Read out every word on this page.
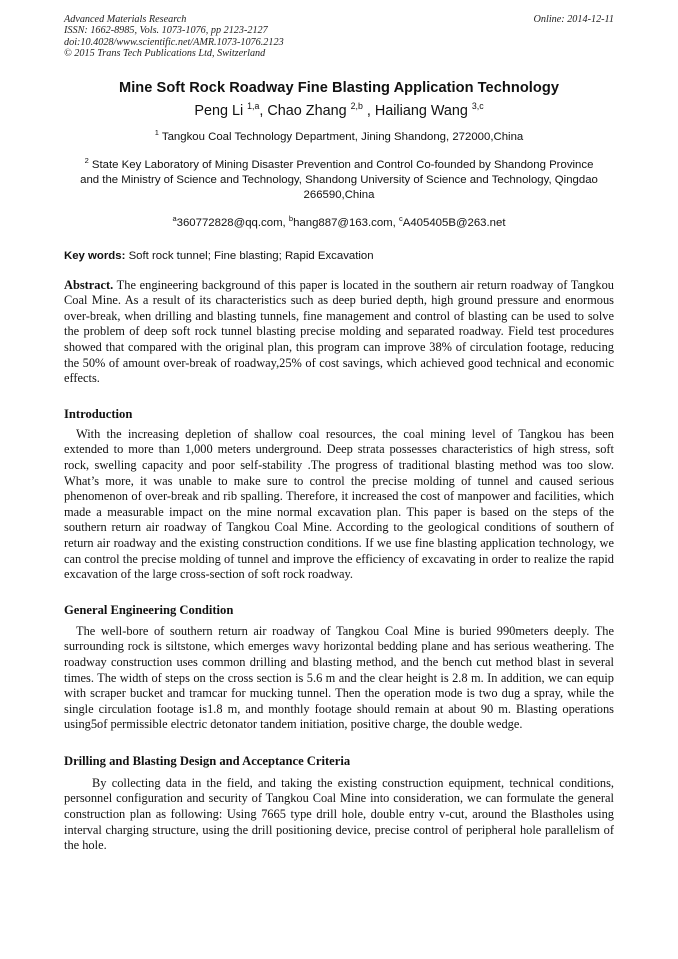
Advanced Materials Research	Online: 2014-12-11
ISSN: 1662-8985, Vols. 1073-1076, pp 2123-2127
doi:10.4028/www.scientific.net/AMR.1073-1076.2123
© 2015 Trans Tech Publications Ltd, Switzerland
Mine Soft Rock Roadway Fine Blasting Application Technology
Peng Li $^{1,a}$, Chao Zhang $^{2,b}$ , Hailiang Wang $^{3,c}$
$^1$ Tangkou Coal Technology Department, Jining Shandong, 272000,China
$^2$ State Key Laboratory of Mining Disaster Prevention and Control Co-founded by Shandong Province and the Ministry of Science and Technology, Shandong University of Science and Technology, Qingdao 266590,China
$^a$360772828@qq.com, $^b$hang887@163.com, $^c$A405405B@263.net
Key words: Soft rock tunnel; Fine blasting; Rapid Excavation

Abstract. The engineering background of this paper is located in the southern air return roadway of Tangkou Coal Mine. As a result of its characteristics such as deep buried depth, high ground pressure and enormous over-break, when drilling and blasting tunnels, fine management and control of blasting can be used to solve the problem of deep soft rock tunnel blasting precise molding and separated roadway. Field test procedures showed that compared with the original plan, this program can improve 38% of circulation footage, reducing the 50% of amount over-break of roadway,25% of cost savings, which achieved good technical and economic effects.

Introduction

With the increasing depletion of shallow coal resources, the coal mining level of Tangkou has been extended to more than 1,000 meters underground. Deep strata possesses characteristics of high stress, soft rock, swelling capacity and poor self-stability .The progress of traditional blasting method was too slow. What’s more, it was unable to make sure to control the precise molding of tunnel and caused serious phenomenon of over-break and rib spalling. Therefore, it increased the cost of manpower and facilities, which made a measurable impact on the mine normal excavation plan. This paper is based on the steps of the southern return air roadway of Tangkou Coal Mine. According to the geological conditions of southern of return air roadway and the existing construction conditions. If we use fine blasting application technology, we can control the precise molding of tunnel and improve the efficiency of excavating in order to realize the rapid excavation of the large cross-section of soft rock roadway.

General Engineering Condition

The well-bore of southern return air roadway of Tangkou Coal Mine is buried 990meters deeply. The surrounding rock is siltstone, which emerges wavy horizontal bedding plane and has serious weathering. The roadway construction uses common drilling and blasting method, and the bench cut method blast in several times. The width of steps on the cross section is 5.6 m and the clear height is 2.8 m. In addition, we can equip with scraper bucket and tramcar for mucking tunnel. Then the operation mode is two dug a spray, while the single circulation footage is1.8 m, and monthly footage should remain at about 90 m. Blasting operations using5of permissible electric detonator tandem initiation, positive charge, the double wedge.

Drilling and Blasting Design and Acceptance Criteria

By collecting data in the field, and taking the existing construction equipment, technical conditions, personnel configuration and security of Tangkou Coal Mine into consideration, we can formulate the general construction plan as following: Using 7665 type drill hole, double entry v-cut, around the Blastholes using interval charging structure, using the drill positioning device, precise control of peripheral hole parallelism of the hole.
